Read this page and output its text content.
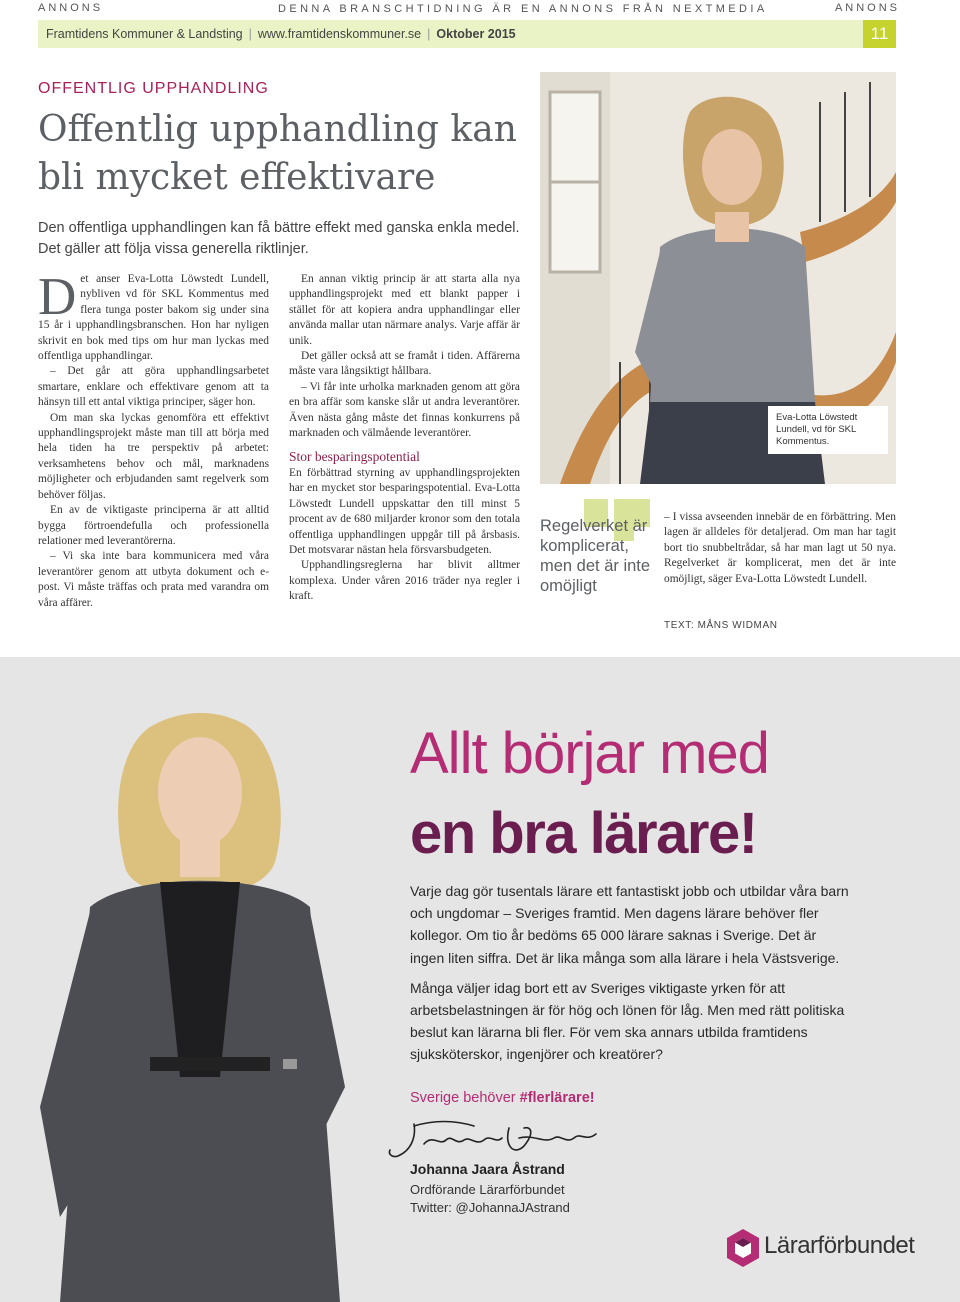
ANNONS	DENNA BRANSCHTIDNING ÄR EN ANNONS FRÅN NEXTMEDIA	ANNONS
Framtidens Kommuner & Landsting | www.framtidenskommuner.se | Oktober 2015	11
OFFENTLIG UPPHANDLING
Offentlig upphandling kan bli mycket effektivare
Den offentliga upphandlingen kan få bättre effekt med ganska enkla medel. Det gäller att följa vissa generella riktlinjer.

Det anser Eva-Lotta Löwstedt Lundell, nybliven vd för SKL Kommentus med flera tunga poster bakom sig under sina 15 år i upphandlingsbranschen. Hon har nyligen skrivit en bok med tips om hur man lyckas med offentliga upphandlingar.

– Det går att göra upphandlingsarbetet smartare, enklare och effektivare genom att ta hänsyn till ett antal viktiga principer, säger hon.

Om man ska lyckas genomföra ett effektivt upphandlingsprojekt måste man till att börja med hela tiden ha tre perspektiv på arbetet: verksamhetens behov och mål, marknadens möjligheter och erbjudanden samt regelverk som behöver följas.

En av de viktigaste principerna är att alltid bygga förtroendefulla och professionella relationer med leverantörerna.

– Vi ska inte bara kommunicera med våra leverantörer genom att utbyta dokument och e-post. Vi måste träffas och prata med varandra om våra affärer.

En annan viktig princip är att starta alla nya upphandlingsprojekt med ett blankt papper i stället för att kopiera andra upphandlingar eller använda mallar utan närmare analys. Varje affär är unik.

Det gäller också att se framåt i tiden. Affärerna måste vara långsiktigt hållbara.

– Vi får inte urholka marknaden genom att göra en bra affär som kanske slår ut andra leverantörer. Även nästa gång måste det finnas konkurrens på marknaden och välmående leverantörer.

Stor besparingspotential

En förbättrad styrning av upphandlingsprojekten har en mycket stor besparingspotential. Eva-Lotta Löwstedt Lundell uppskattar den till minst 5 procent av de 680 miljarder kronor som den totala offentliga upphandlingen uppgår till på årsbasis. Det motsvarar nästan hela försvarsbudgeten.

Upphandlingsreglerna har blivit alltmer komplexa. Under våren 2016 träder nya regler i kraft.

Eva-Lotta Löwstedt Lundell, vd för SKL Kommentus.
Regelverket är komplicerat, men det är inte omöjligt
– I vissa avseenden innebär de en förbättring. Men lagen är alldeles för detaljerad. Om man har tagit bort tio snubbeltrådar, så har man lagt ut 50 nya. Regelverket är komplicerat, men det är inte omöjligt, säger Eva-Lotta Löwstedt Lundell.
TEXT: MÅNS WIDMAN
Allt börjar med
en bra lärare!

Varje dag gör tusentals lärare ett fantastiskt jobb och utbildar våra barn och ungdomar – Sveriges framtid. Men dagens lärare behöver fler kollegor. Om tio år bedöms 65 000 lärare saknas i Sverige. Det är ingen liten siffra. Det är lika många som alla lärare i hela Västsverige.

Många väljer idag bort ett av Sveriges viktigaste yrken för att arbetsbelastningen är för hög och lönen för låg. Men med rätt politiska beslut kan lärarna bli fler. För vem ska annars utbilda framtidens sjuksköterskor, ingenjörer och kreatörer?

Sverige behöver #flerlärare!
Johanna Jaara Åstrand
Ordförande Lärarförbundet
Twitter: @JohannaJAstrand
Lärarförbundet
